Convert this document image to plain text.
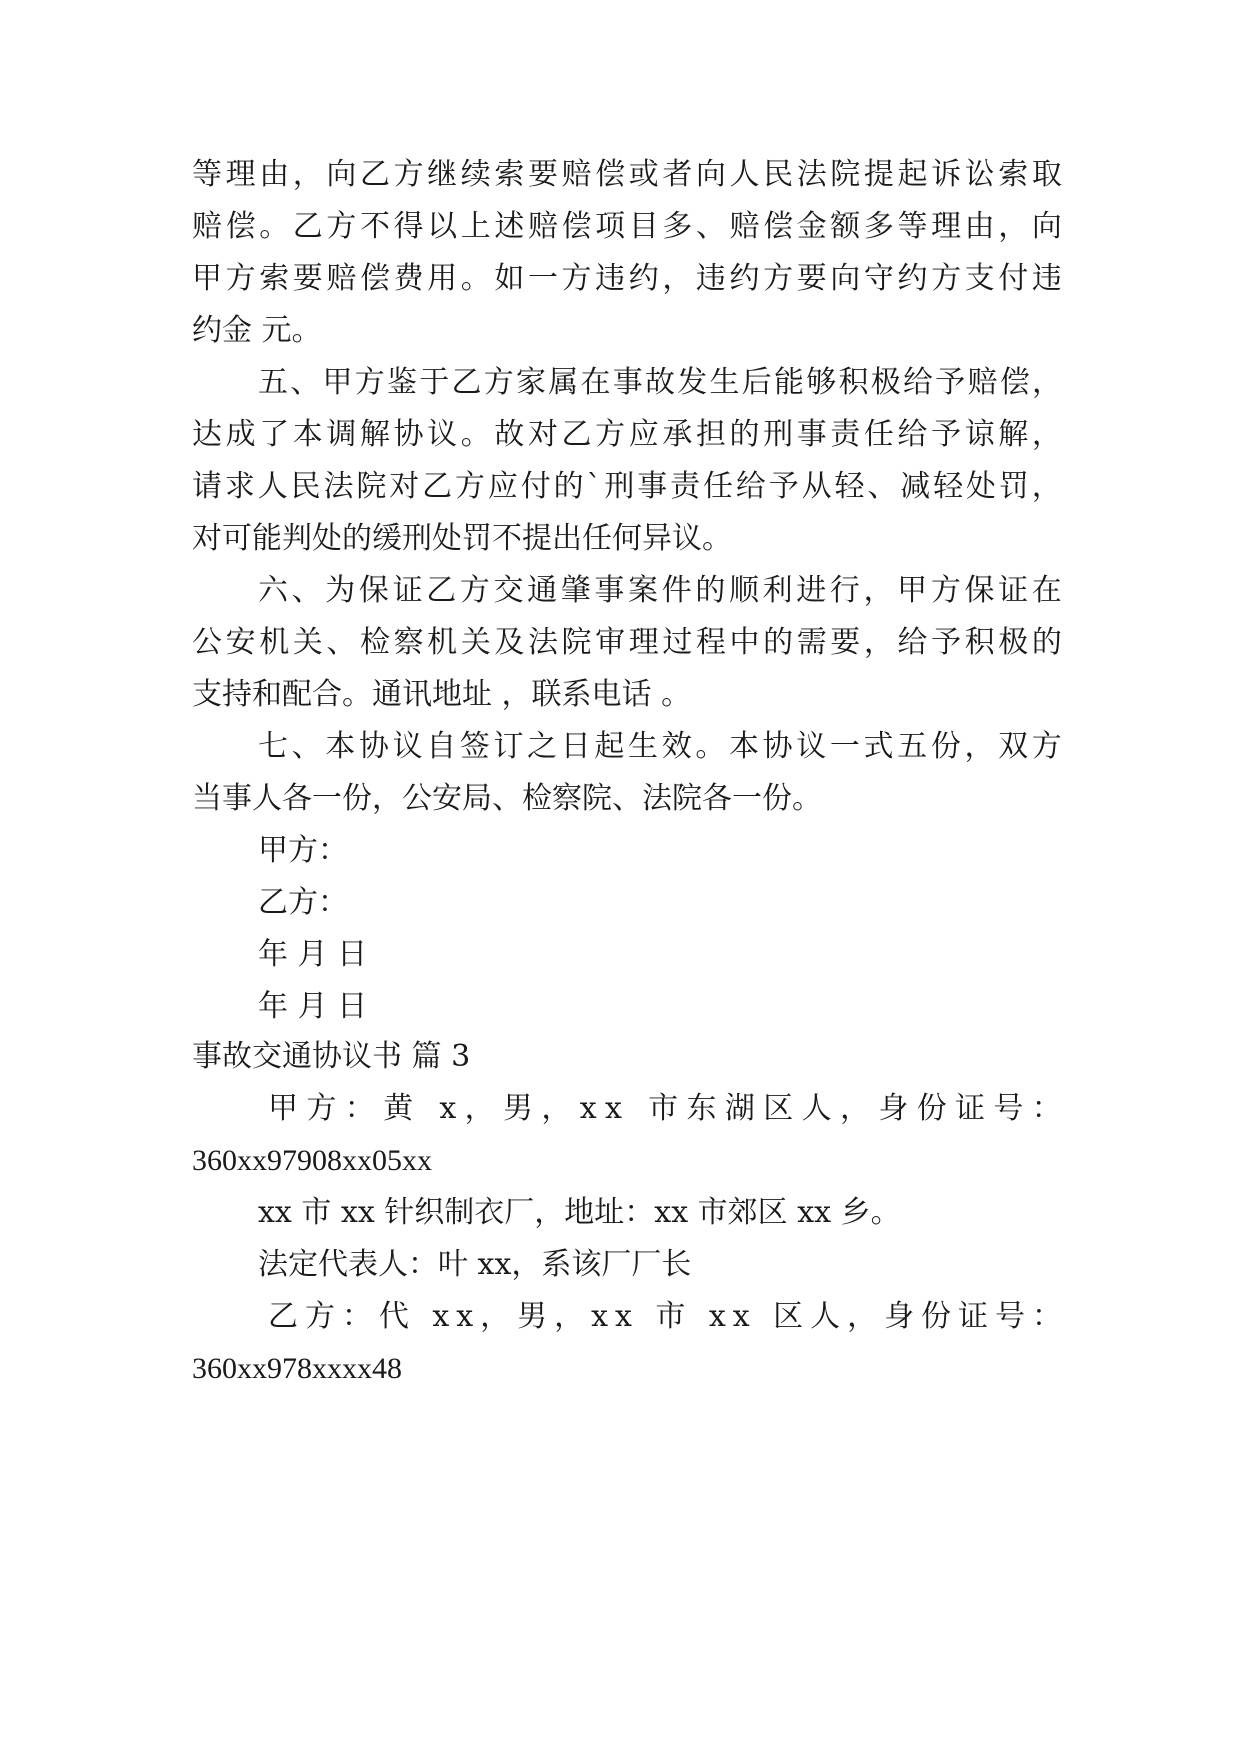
等 理 由 ， 向 乙 方 继 续 索 要 赔 偿 或 者 向 人 民 法 院 提 起 诉 讼 索 取
赔 偿 。 乙 方 不 得 以 上 述 赔 偿 项 目 多 、 赔 偿 金 额 多 等 理 由 ， 向
甲 方 索 要 赔 偿 费 用 。 如 一 方 违 约 ， 违 约 方 要 向 守 约 方 支 付 违
约金 元。
五 、 甲 方 鉴 于 乙 方 家 属 在 事 故 发 生 后 能 够 积 极 给 予 赔 偿 ，
达 成 了 本 调 解 协 议 。 故 对 乙 方 应 承 担 的 刑 事 责 任 给 予 谅 解 ，
请 求 人 民 法 院 对 乙 方 应 付 的 ` 刑 事 责 任 给 予 从 轻 、 减 轻 处 罚 ，
对可能判处的缓刑处罚不提出任何异议。
六 、 为 保 证 乙 方 交 通 肇 事 案 件 的 顺 利 进 行 ， 甲 方 保 证 在
公 安 机 关 、 检 察 机 关 及 法 院 审 理 过 程 中 的 需 要 ， 给 予 积 极 的
支持和配合。通讯地址 ，联系电话 。
七 、 本 协 议 自 签 订 之 日 起 生 效 。 本 协 议 一 式 五 份 ， 双 方
当事人各一份，公安局、检察院、法院各一份。
甲方：
乙方：
年 月 日
年 月 日
事故交通协议书 篇 3
甲 方 ： 黄
x ， 男 ， x x
市 东 湖 区 人 ， 身 份 证 号 ：
360xx97908xx05xx
xx 市 xx 针织制衣厂，地址：xx 市郊区 xx 乡。
法定代表人：叶 xx，系该厂厂长
乙 方 ： 代
x x ， 男 ， x x
市
x x
区 人 ， 身 份 证 号 ：
360xx978xxxx48
